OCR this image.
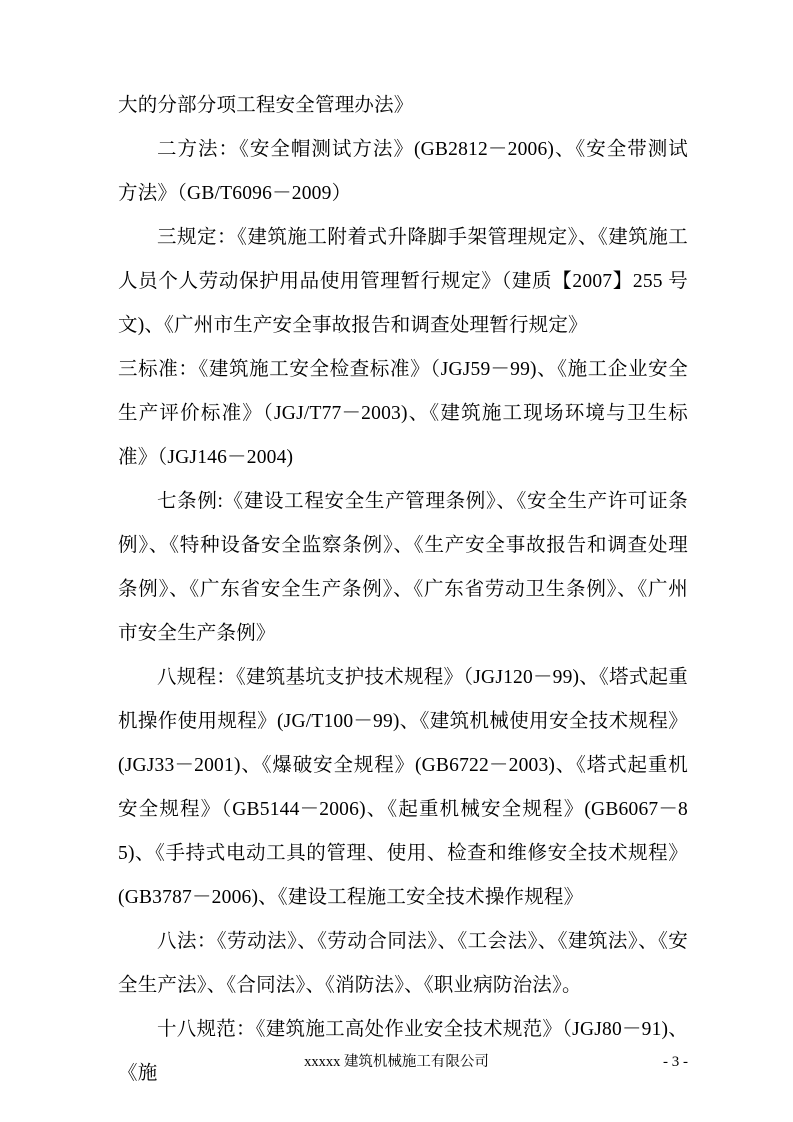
大的分部分项工程安全管理办法》

二方法：《安全帽测试方法》(GB2812－2006)、《安全带测试方法》（GB/T6096－2009）

三规定：《建筑施工附着式升降脚手架管理规定》、《建筑施工人员个人劳动保护用品使用管理暂行规定》（建质【2007】255 号文)、《广州市生产安全事故报告和调查处理暂行规定》

三标准：《建筑施工安全检查标准》（JGJ59－99)、《施工企业安全生产评价标准》（JGJ/T77－2003)、《建筑施工现场环境与卫生标准》（JGJ146－2004)

七条例:《建设工程安全生产管理条例》、《安全生产许可证条例》、《特种设备安全监察条例》、《生产安全事故报告和调查处理条例》、《广东省安全生产条例》、《广东省劳动卫生条例》、《广州市安全生产条例》

八规程：《建筑基坑支护技术规程》（JGJ120－99)、《塔式起重机操作使用规程》(JG/T100－99)、《建筑机械使用安全技术规程》(JGJ33－2001)、《爆破安全规程》(GB6722－2003)、《塔式起重机安全规程》（GB5144－2006)、《起重机械安全规程》(GB6067－85)、《手持式电动工具的管理、使用、检查和维修安全技术规程》(GB3787－2006)、《建设工程施工安全技术操作规程》

八法：《劳动法》、《劳动合同法》、《工会法》、《建筑法》、《安全生产法》、《合同法》、《消防法》、《职业病防治法》。

十八规范：《建筑施工高处作业安全技术规范》（JGJ80－91)、《施

xxxxx 建筑机械施工有限公司	- 3 -
